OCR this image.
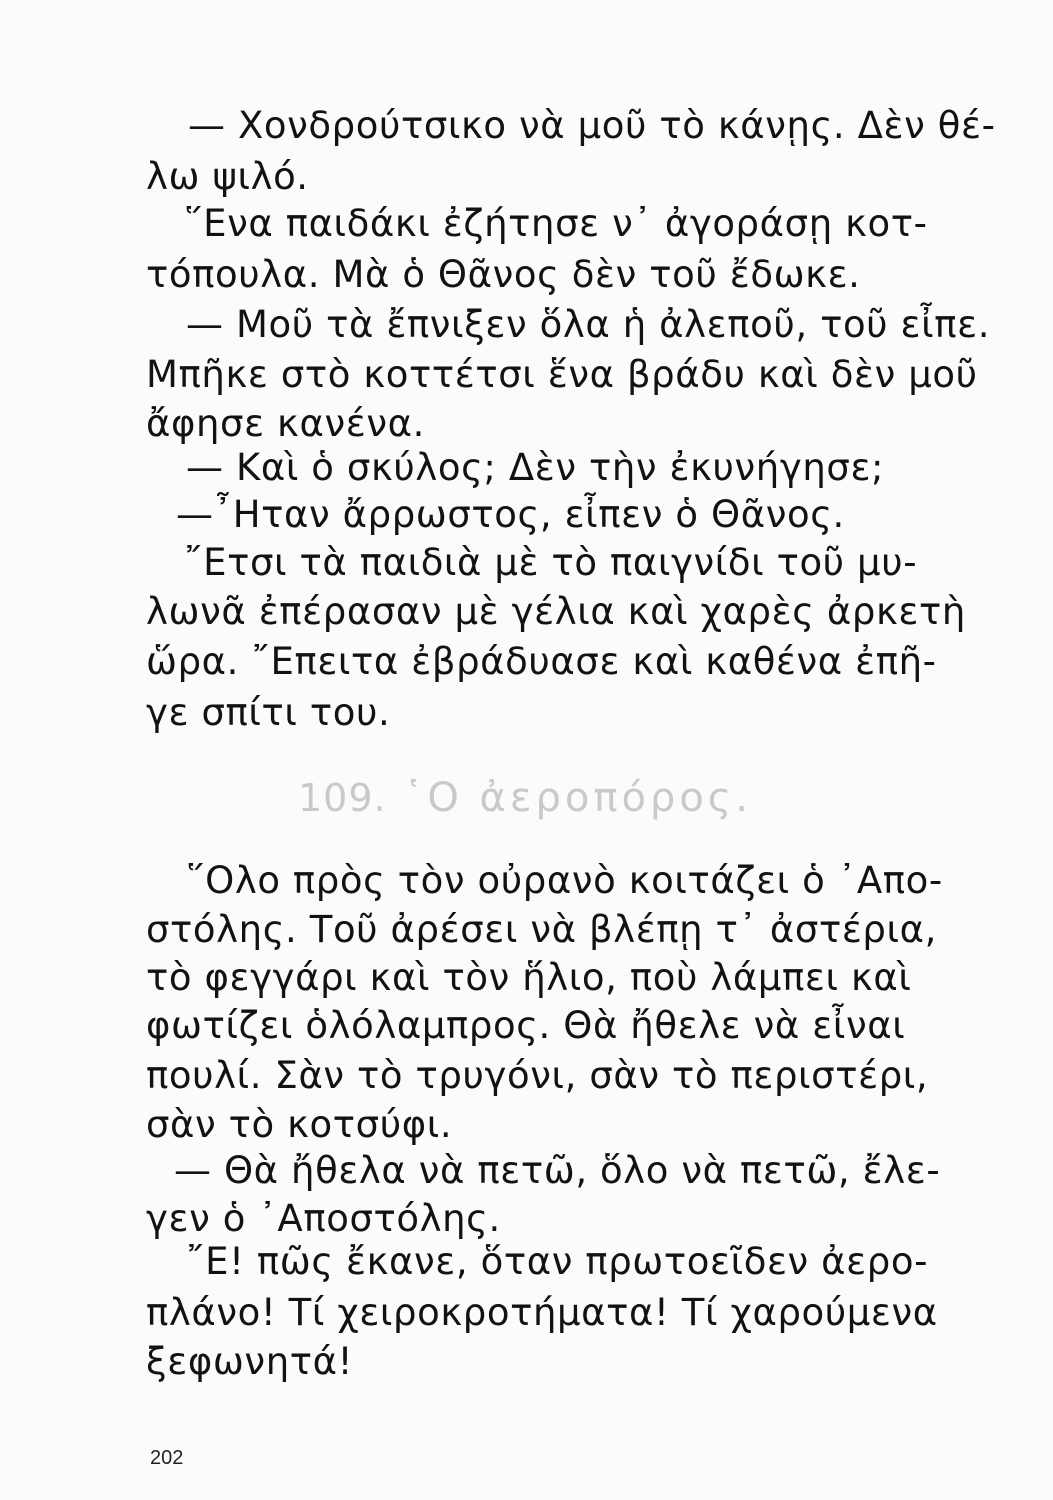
— Χονδρούτσικο νὰ μοῦ τὸ κάνῃς. Δὲν θέ-
λω ψιλό.
῞Ενα παιδάκι ἐζήτησε ν᾽ ἀγοράσῃ κοτ-
τόπουλα. Μὰ ὁ Θᾶνος δὲν τοῦ ἔδωκε.
— Μοῦ τὰ ἔπνιξεν ὅλα ἡ ἀλεποῦ, τοῦ εἶπε.
Μπῆκε στὸ κοττέτσι ἕνα βράδυ καὶ δὲν μοῦ
ἄφησε κανένα.
— Καὶ ὁ σκύλος; Δὲν τὴν ἐκυνήγησε;
—῏Ηταν ἄρρωστος, εἶπεν ὁ Θᾶνος.
῎Ετσι τὰ παιδιὰ μὲ τὸ παιγνίδι τοῦ μυ-
λωνᾶ ἐπέρασαν μὲ γέλια καὶ χαρὲς ἀρκετὴ
ὥρα. ῎Επειτα ἐβράδυασε καὶ καθένα ἐπῆ-
γε σπίτι του.
109. ῾Ο ἀεροπόρος.
῞Ολο πρὸς τὸν οὐρανὸ κοιτάζει ὁ ᾿Απο-
στόλης. Τοῦ ἀρέσει νὰ βλέπῃ τ᾽ ἀστέρια,
τὸ φεγγάρι καὶ τὸν ἥλιο, ποὺ λάμπει καὶ
φωτίζει ὁλόλαμπρος. Θὰ ἤθελε νὰ εἶναι
πουλί. Σὰν τὸ τρυγόνι, σὰν τὸ περιστέρι,
σὰν τὸ κοτσύφι.
— Θὰ ἤθελα νὰ πετῶ, ὅλο νὰ πετῶ, ἔλε-
γεν ὁ ᾿Αποστόλης.
῎Ε! πῶς ἔκανε, ὅταν πρωτοεῖδεν ἀερο-
πλάνο! Τί χειροκροτήματα! Τί χαρούμενα
ξεφωνητά!
202
